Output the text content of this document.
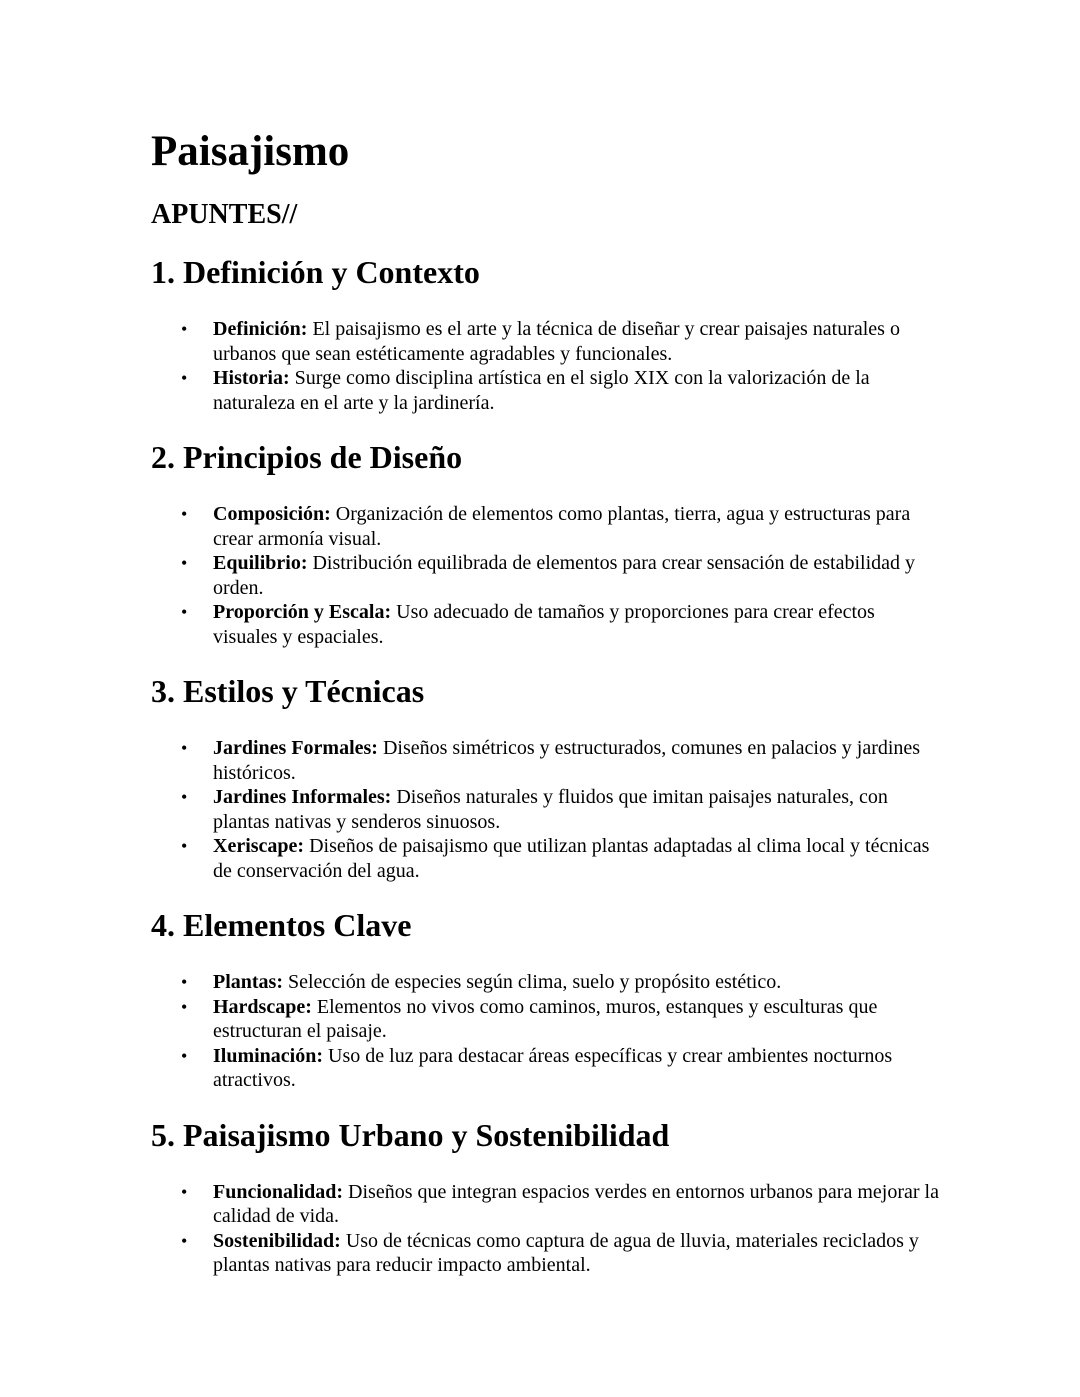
Paisajismo
APUNTES//
1. Definición y Contexto
• Definición: El paisajismo es el arte y la técnica de diseñar y crear paisajes naturales o urbanos que sean estéticamente agradables y funcionales.
• Historia: Surge como disciplina artística en el siglo XIX con la valorización de la naturaleza en el arte y la jardinería.
2. Principios de Diseño
• Composición: Organización de elementos como plantas, tierra, agua y estructuras para crear armonía visual.
• Equilibrio: Distribución equilibrada de elementos para crear sensación de estabilidad y orden.
• Proporción y Escala: Uso adecuado de tamaños y proporciones para crear efectos visuales y espaciales.
3. Estilos y Técnicas
• Jardines Formales: Diseños simétricos y estructurados, comunes en palacios y jardines históricos.
• Jardines Informales: Diseños naturales y fluidos que imitan paisajes naturales, con plantas nativas y senderos sinuosos.
• Xeriscape: Diseños de paisajismo que utilizan plantas adaptadas al clima local y técnicas de conservación del agua.
4. Elementos Clave
• Plantas: Selección de especies según clima, suelo y propósito estético.
• Hardscape: Elementos no vivos como caminos, muros, estanques y esculturas que estructuran el paisaje.
• Iluminación: Uso de luz para destacar áreas específicas y crear ambientes nocturnos atractivos.
5. Paisajismo Urbano y Sostenibilidad
• Funcionalidad: Diseños que integran espacios verdes en entornos urbanos para mejorar la calidad de vida.
• Sostenibilidad: Uso de técnicas como captura de agua de lluvia, materiales reciclados y plantas nativas para reducir impacto ambiental.
